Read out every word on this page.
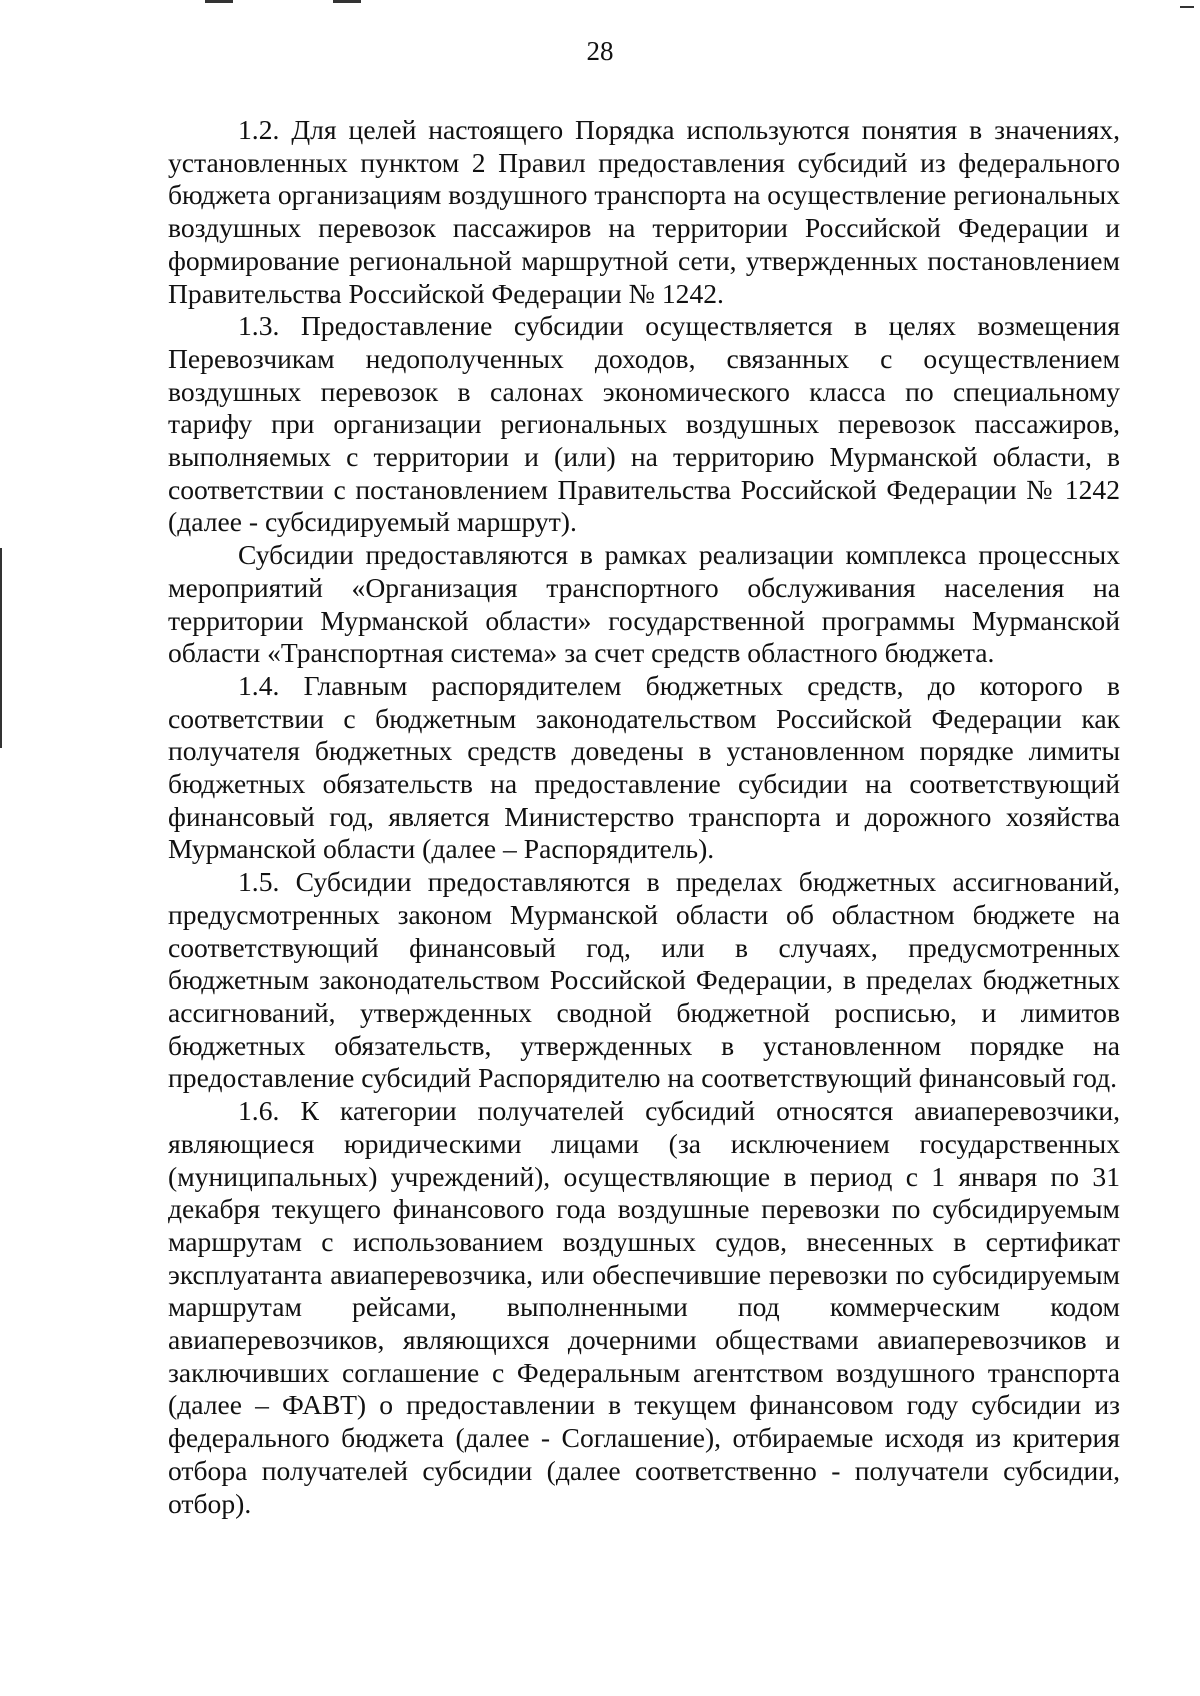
28

1.2. Для целей настоящего Порядка используются понятия в значениях, установленных пунктом 2 Правил предоставления субсидий из федерального бюджета организациям воздушного транспорта на осуществление региональных воздушных перевозок пассажиров на территории Российской Федерации и формирование региональной маршрутной сети, утвержденных постановлением Правительства Российской Федерации № 1242.

1.3. Предоставление субсидии осуществляется в целях возмещения Перевозчикам недополученных доходов, связанных с осуществлением воздушных перевозок в салонах экономического класса по специальному тарифу при организации региональных воздушных перевозок пассажиров, выполняемых с территории и (или) на территорию Мурманской области, в соответствии с постановлением Правительства Российской Федерации № 1242 (далее - субсидируемый маршрут).

Субсидии предоставляются в рамках реализации комплекса процессных мероприятий «Организация транспортного обслуживания населения на территории Мурманской области» государственной программы Мурманской области «Транспортная система» за счет средств областного бюджета.

1.4. Главным распорядителем бюджетных средств, до которого в соответствии с бюджетным законодательством Российской Федерации как получателя бюджетных средств доведены в установленном порядке лимиты бюджетных обязательств на предоставление субсидии на соответствующий финансовый год, является Министерство транспорта и дорожного хозяйства Мурманской области (далее – Распорядитель).

1.5. Субсидии предоставляются в пределах бюджетных ассигнований, предусмотренных законом Мурманской области об областном бюджете на соответствующий финансовый год, или в случаях, предусмотренных бюджетным законодательством Российской Федерации, в пределах бюджетных ассигнований, утвержденных сводной бюджетной росписью, и лимитов бюджетных обязательств, утвержденных в установленном порядке на предоставление субсидий Распорядителю на соответствующий финансовый год.

1.6. К категории получателей субсидий относятся авиаперевозчики, являющиеся юридическими лицами (за исключением государственных (муниципальных) учреждений), осуществляющие в период с 1 января по 31 декабря текущего финансового года воздушные перевозки по субсидируемым маршрутам с использованием воздушных судов, внесенных в сертификат эксплуатанта авиаперевозчика, или обеспечившие перевозки по субсидируемым маршрутам рейсами, выполненными под коммерческим кодом авиаперевозчиков, являющихся дочерними обществами авиаперевозчиков и заключивших соглашение с Федеральным агентством воздушного транспорта (далее – ФАВТ) о предоставлении в текущем финансовом году субсидии из федерального бюджета (далее - Соглашение), отбираемые исходя из критерия отбора получателей субсидии (далее соответственно - получатели субсидии, отбор).
